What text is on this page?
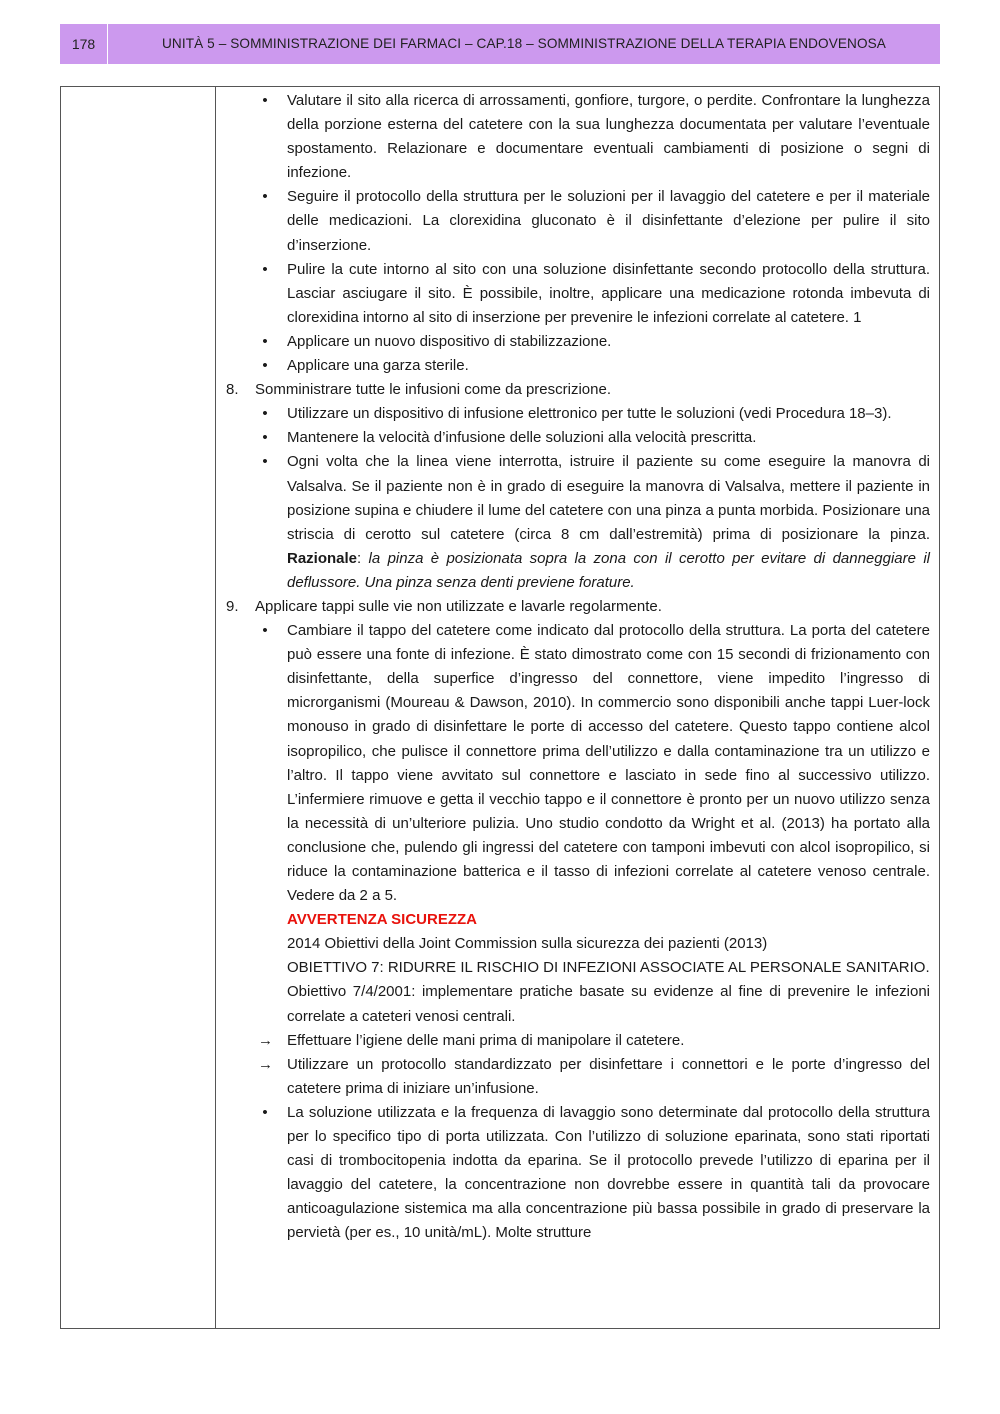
178	UNITÀ 5 – SOMMINISTRAZIONE DEI FARMACI – CAP.18 – SOMMINISTRAZIONE DELLA TERAPIA ENDOVENOSA

• Valutare il sito alla ricerca di arrossamenti, gonfiore, turgore, o perdite. Confrontare la lunghezza della porzione esterna del catetere con la sua lunghezza documentata per valutare l’eventuale spostamento. Relazionare e documentare eventuali cambiamenti di posizione o segni di infezione.

• Seguire il protocollo della struttura per le soluzioni per il lavaggio del catetere e per il materiale delle medicazioni. La clorexidina gluconato è il disinfettante d’elezione per pulire il sito d’inserzione.

• Pulire la cute intorno al sito con una soluzione disinfettante secondo protocollo della struttura. Lasciar asciugare il sito. È possibile, inoltre, applicare una medicazione rotonda imbevuta di clorexidina intorno al sito di inserzione per prevenire le infezioni correlate al catetere. 1

• Applicare un nuovo dispositivo di stabilizzazione.

• Applicare una garza sterile.

8. Somministrare tutte le infusioni come da prescrizione.

• Utilizzare un dispositivo di infusione elettronico per tutte le soluzioni (vedi Procedura 18–3).

• Mantenere la velocità d’infusione delle soluzioni alla velocità prescritta.

• Ogni volta che la linea viene interrotta, istruire il paziente su come eseguire la manovra di Valsalva. Se il paziente non è in grado di eseguire la manovra di Valsalva, mettere il paziente in posizione supina e chiudere il lume del catetere con una pinza a punta morbida. Posizionare una striscia di cerotto sul catetere (circa 8 cm dall’estremità) prima di posizionare la pinza. Razionale: la pinza è posizionata sopra la zona con il cerotto per evitare di danneggiare il deflussore. Una pinza senza denti previene forature.

9. Applicare tappi sulle vie non utilizzate e lavarle regolarmente.

• Cambiare il tappo del catetere come indicato dal protocollo della struttura. La porta del catetere può essere una fonte di infezione. È stato dimostrato come con 15 secondi di frizionamento con disinfettante, della superfice d’ingresso del connettore, viene impedito l’ingresso di microrganismi (Moureau & Dawson, 2010). In commercio sono disponibili anche tappi Luer-lock monouso in grado di disinfettare le porte di accesso del catetere. Questo tappo contiene alcol isopropilico, che pulisce il connettore prima dell’utilizzo e dalla contaminazione tra un utilizzo e l’altro. Il tappo viene avvitato sul connettore e lasciato in sede fino al successivo utilizzo. L’infermiere rimuove e getta il vecchio tappo e il connettore è pronto per un nuovo utilizzo senza la necessità di un’ulteriore pulizia. Uno studio condotto da Wright et al. (2013) ha portato alla conclusione che, pulendo gli ingressi del catetere con tamponi imbevuti con alcol isopropilico, si riduce la contaminazione batterica e il tasso di infezioni correlate al catetere venoso centrale. Vedere da 2 a 5.

AVVERTENZA SICUREZZA

2014 Obiettivi della Joint Commission sulla sicurezza dei pazienti (2013)

OBIETTIVO 7: RIDURRE IL RISCHIO DI INFEZIONI ASSOCIATE AL PERSONALE SANITARIO.

Obiettivo 7/4/2001: implementare pratiche basate su evidenze al fine di prevenire le infezioni correlate a cateteri venosi centrali.

→ Effettuare l’igiene delle mani prima di manipolare il catetere.

→ Utilizzare un protocollo standardizzato per disinfettare i connettori e le porte d’ingresso del catetere prima di iniziare un’infusione.

• La soluzione utilizzata e la frequenza di lavaggio sono determinate dal protocollo della struttura per lo specifico tipo di porta utilizzata. Con l’utilizzo di soluzione eparinata, sono stati riportati casi di trombocitopenia indotta da eparina. Se il protocollo prevede l’utilizzo di eparina per il lavaggio del catetere, la concentrazione non dovrebbe essere in quantità tali da provocare anticoagulazione sistemica ma alla concentrazione più bassa possibile in grado di preservare la pervietà (per es., 10 unità/mL). Molte strutture
